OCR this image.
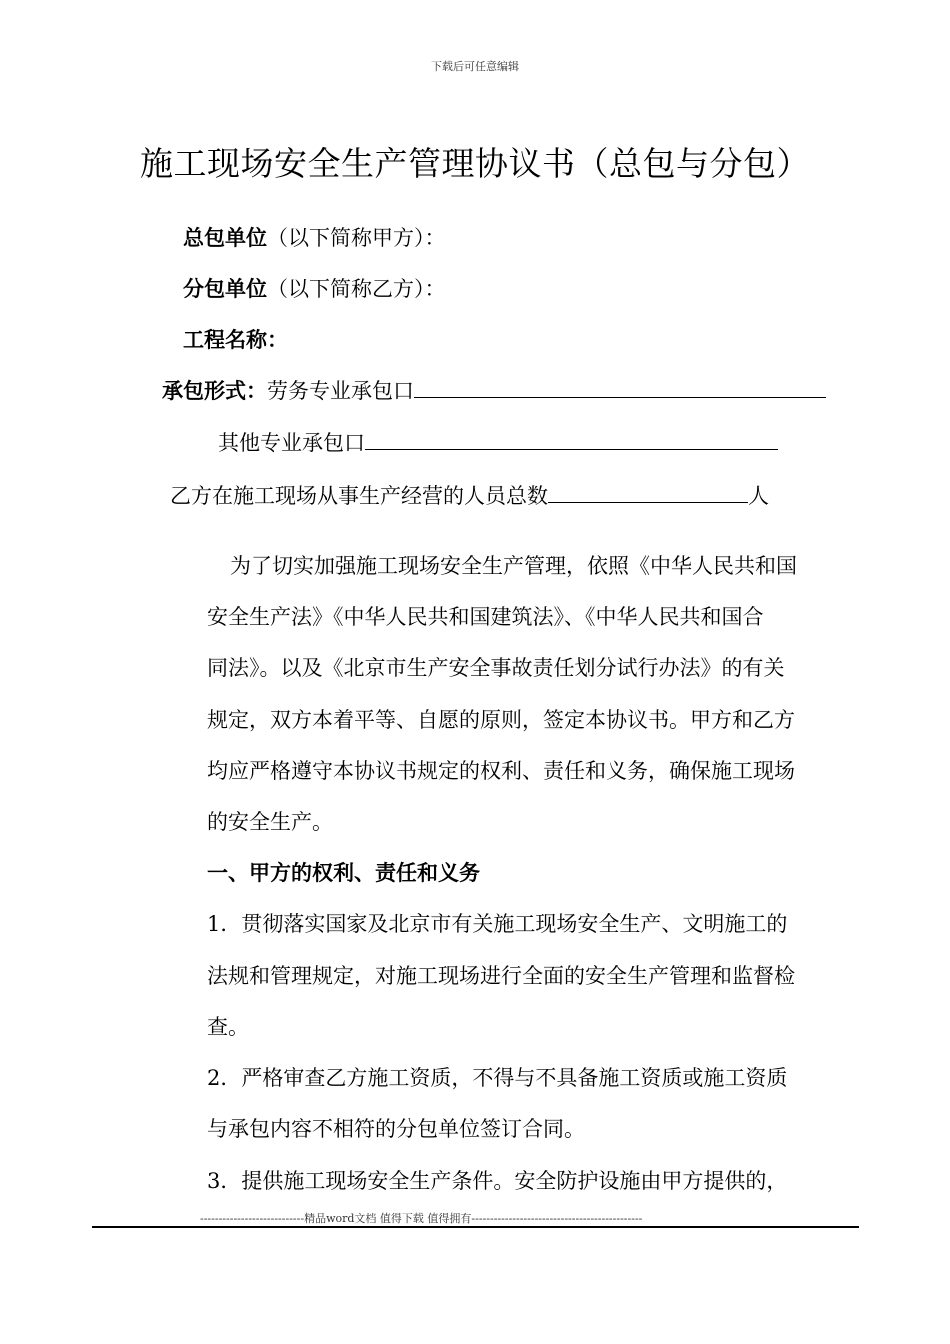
下载后可任意编辑
施工现场安全生产管理协议书（总包与分包）
总包单位（以下简称甲方）：
分包单位（以下简称乙方）：
工程名称：
承包形式：劳务专业承包口
其他专业承包口
乙方在施工现场从事生产经营的人员总数	人
为了切实加强施工现场安全生产管理，依照《中华人民共和国
安全生产法》《中华人民共和国建筑法》、《中华人民共和国合
同法》。以及《北京市生产安全事故责任划分试行办法》的有关
规定，双方本着平等、自愿的原则，签定本协议书。甲方和乙方
均应严格遵守本协议书规定的权利、责任和义务，确保施工现场
的安全生产。
一、甲方的权利、责任和义务
1．贯彻落实国家及北京市有关施工现场安全生产、文明施工的
法规和管理规定，对施工现场进行全面的安全生产管理和监督检
查。
2．严格审查乙方施工资质，不得与不具备施工资质或施工资质
与承包内容不相符的分包单位签订合同。
3．提供施工现场安全生产条件。安全防护设施由甲方提供的，
----------------------------精品word文档 值得下载 值得拥有----------------------------------------------
